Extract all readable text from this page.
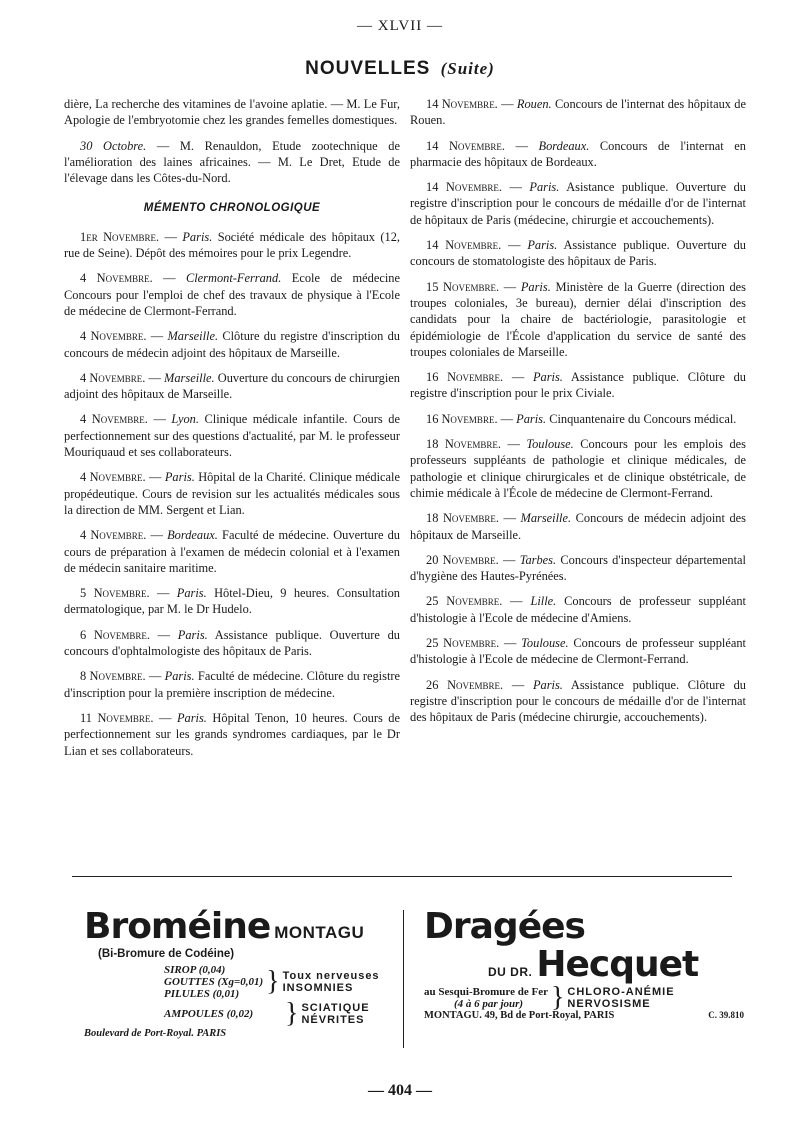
— XLVII —
NOUVELLES (Suite)

dière, La recherche des vitamines de l'avoine aplatie. — M. Le Fur, Apologie de l'embryotomie chez les grandes femelles domestiques.

30 Octobre. — M. Renauldon, Etude zootechnique de l'amélioration des laines africaines. — M. Le Dret, Etude de l'élevage dans les Côtes-du-Nord.

MÉMENTO CHRONOLOGIQUE

1er Novembre. — Paris. Société médicale des hôpitaux (12, rue de Seine). Dépôt des mémoires pour le prix Legendre.

4 Novembre. — Clermont-Ferrand. Ecole de médecine Concours pour l'emploi de chef des travaux de physique à l'Ecole de médecine de Clermont-Ferrand.

4 Novembre. — Marseille. Clôture du registre d'inscription du concours de médecin adjoint des hôpitaux de Marseille.

4 Novembre. — Marseille. Ouverture du concours de chirurgien adjoint des hôpitaux de Marseille.

4 Novembre. — Lyon. Clinique médicale infantile. Cours de perfectionnement sur des questions d'actualité, par M. le professeur Mouriquaud et ses collaborateurs.

4 Novembre. — Paris. Hôpital de la Charité. Clinique médicale propédeutique. Cours de revision sur les actualités médicales sous la direction de MM. Sergent et Lian.

4 Novembre. — Bordeaux. Faculté de médecine. Ouverture du cours de préparation à l'examen de médecin colonial et à l'examen de médecin sanitaire maritime.

5 Novembre. — Paris. Hôtel-Dieu, 9 heures. Consultation dermatologique, par M. le Dr Hudelo.

6 Novembre. — Paris. Assistance publique. Ouverture du concours d'ophtalmologiste des hôpitaux de Paris.

8 Novembre. — Paris. Faculté de médecine. Clôture du registre d'inscription pour la première inscription de médecine.

11 Novembre. — Paris. Hôpital Tenon, 10 heures. Cours de perfectionnement sur les grands syndromes cardiaques, par le Dr Lian et ses collaborateurs.

14 Novembre. — Rouen. Concours de l'internat des hôpitaux de Rouen.

14 Novembre. — Bordeaux. Concours de l'internat en pharmacie des hôpitaux de Bordeaux.

14 Novembre. — Paris. Asistance publique. Ouverture du registre d'inscription pour le concours de médaille d'or de l'internat de hôpitaux de Paris (médecine, chirurgie et accouchements).

14 Novembre. — Paris. Assistance publique. Ouverture du concours de stomatologiste des hôpitaux de Paris.

15 Novembre. — Paris. Ministère de la Guerre (direction des troupes coloniales, 3e bureau), dernier délai d'inscription des candidats pour la chaire de bactériologie, parasitologie et épidémiologie de l'École d'application du service de santé des troupes coloniales de Marseille.

16 Novembre. — Paris. Assistance publique. Clôture du registre d'inscription pour le prix Civiale.

16 Novembre. — Paris. Cinquantenaire du Concours médical.

18 Novembre. — Toulouse. Concours pour les emplois des professeurs suppléants de pathologie et clinique médicales, de pathologie et clinique chirurgicales et de clinique obstétricale, de chimie médicale à l'École de médecine de Clermont-Ferrand.

18 Novembre. — Marseille. Concours de médecin adjoint des hôpitaux de Marseille.

20 Novembre. — Tarbes. Concours d'inspecteur départemental d'hygiène des Hautes-Pyrénées.

25 Novembre. — Lille. Concours de professeur suppléant d'histologie à l'Ecole de médecine d'Amiens.

25 Novembre. — Toulouse. Concours de professeur suppléant d'histologie à l'Ecole de médecine de Clermont-Ferrand.

26 Novembre. — Paris. Assistance publique. Clôture du registre d'inscription pour le concours de médaille d'or de l'internat des hôpitaux de Paris (médecine chirurgie, accouchements).

Broméine MONTAGU
(Bi-Bromure de Codéine)
SIROP (0,04)
GOUTTES (Xg=0,01)
PILULES (0,01) } Toux nerveuses
INSOMNIES
AMPOULES (0,02)	} SCIATIQUE
NÉVRITES
Boulevard de Port-Royal. PARIS
Dragées
DU DR. Hecquet
au Sesqui-Bromure de Fer
(4 à 6 par jour) } CHLORO-ANÉMIE
NERVOSISME
MONTAGU. 49, Bd de Port-Royal, PARIS	C. 39.810
— 404 —
